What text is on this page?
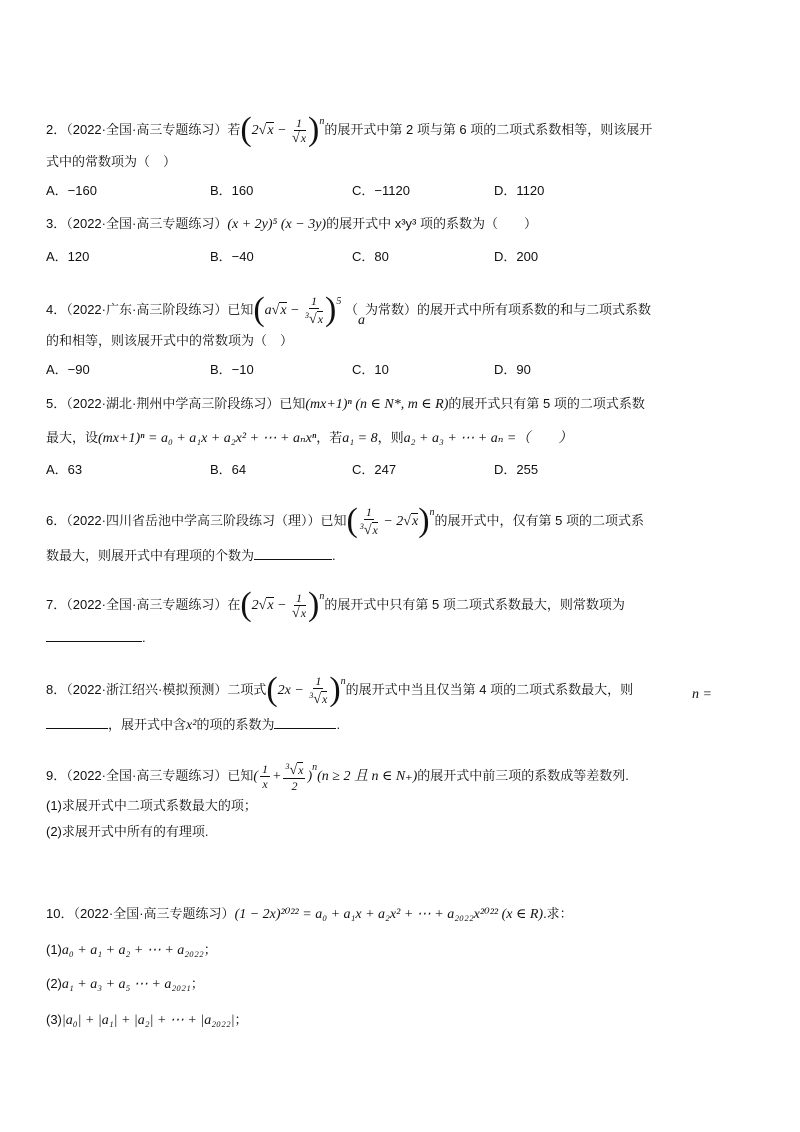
2．（2022·全国·高三专题练习）若$(2√x - \frac{1}{√x} )^n$的展开式中第 2 项与第 6 项的二项式系数相等，则该展开
式中的常数项为（　）
A．−160	B．160	C．−1120	D．1120
3．（2022·全国·高三专题练习）(x + 2y)⁵ (x − 3y)的展开式中 x³y³ 项的系数为（　　）
A．120	B．−40	C．80	D．200
4．（2022·广东·高三阶段练习）已知$(a√x - \frac{1}{^3√x} )^5$ （a为常数）的展开式中所有项系数的和与二项式系数
的和相等，则该展开式中的常数项为（　）
A．−90	B．−10	C．10	D．90
5．（2022·湖北·荆州中学高三阶段练习）已知(mx+1)ⁿ (n ∈ N*, m ∈ R)的展开式只有第 5 项的二项式系数
最大，设(mx+1)ⁿ = a₀ + a₁x + a₂x² + ⋯ + aₙxⁿ，若a₁ = 8，则a₂ + a₃ + ⋯ + aₙ =（　　）
A．63	B．64	C．247	D．255
6．（2022·四川省岳池中学高三阶段练习（理））已知( $\frac{1}{^3√x} - 2√x)^n$的展开式中，仅有第 5 项的二项式系
数最大，则展开式中有理项的个数为	.
7．（2022·全国·高三专题练习）在$(2√x - \frac{1}{√x} )^n$的展开式中只有第 5 项二项式系数最大，则常数项为
.
8．（2022·浙江绍兴·模拟预测）二项式$(2x - \frac{1}{^3√x} )^n$的展开式中当且仅当第 4 项的二项式系数最大，则	n =
，展开式中含x²的项的系数为	.
9．（2022·全国·高三专题练习）已知( $\frac{1}{x} + \frac{^3√x}{2} )^n(n \ge 2$ 且 n ∈ N₊)的展开式中前三项的系数成等差数列.
(1)求展开式中二项式系数最大的项；
(2)求展开式中所有的有理项.
10．（2022·全国·高三专题练习）(1 − 2x)²⁰²² = a₀ + a₁x + a₂x² + ⋯ + a₂₀₂₂x²⁰²² (x ∈ R).求：
(1)a₀ + a₁ + a₂ + ⋯ + a₂₀₂₂；
(2)a₁ + a₃ + a₅ ⋯ + a₂₀₂₁；
(3)|a₀| + |a₁| + |a₂| + ⋯ + |a₂₀₂₂|；
